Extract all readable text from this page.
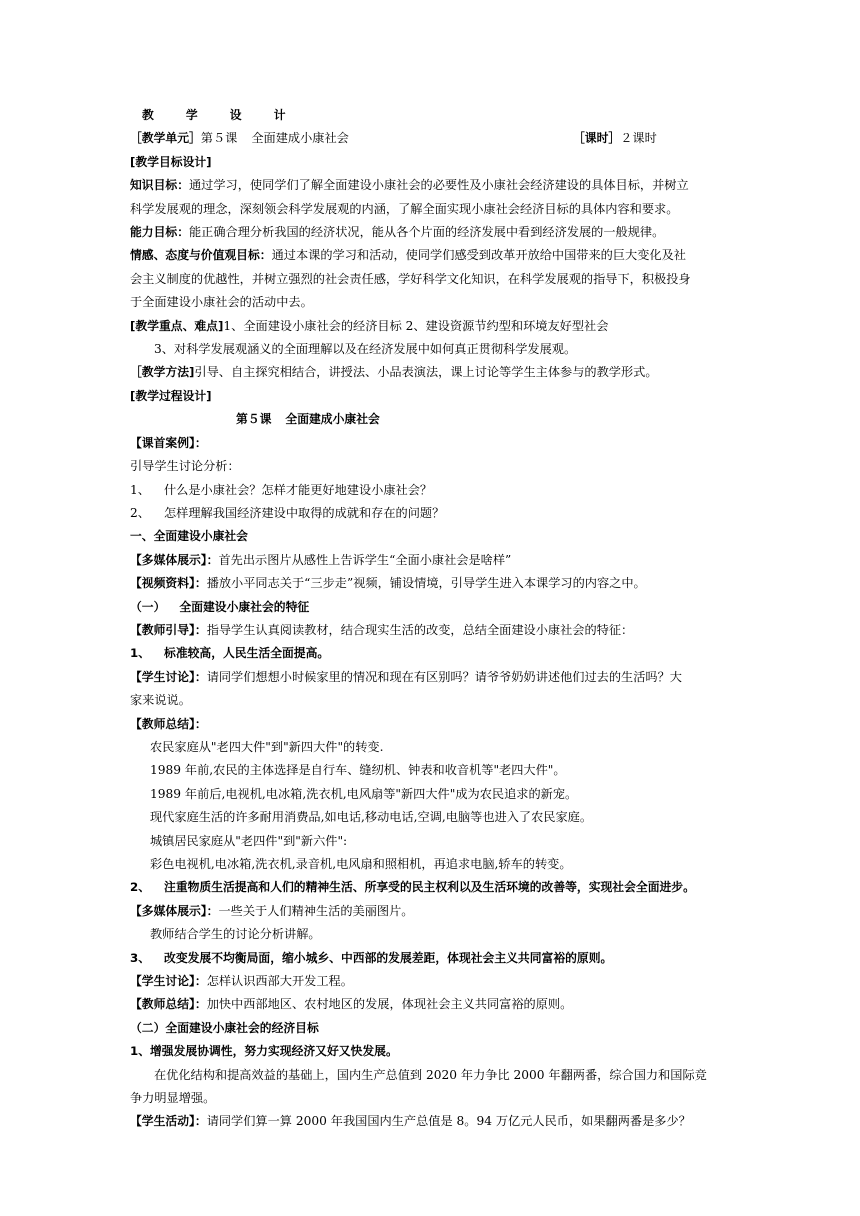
教 学 设 计
［教学单元］第５课 全面建成小康社会	［课时］２课时
[教学目标设计]
知识目标：通过学习，使同学们了解全面建设小康社会的必要性及小康社会经济建设的具体目标，并树立
科学发展观的理念，深刻领会科学发展观的内涵，了解全面实现小康社会经济目标的具体内容和要求。
能力目标：能正确合理分析我国的经济状况，能从各个片面的经济发展中看到经济发展的一般规律。
情感、态度与价值观目标：通过本课的学习和活动，使同学们感受到改革开放给中国带来的巨大变化及社
会主义制度的优越性，并树立强烈的社会责任感，学好科学文化知识，在科学发展观的指导下，积极投身
于全面建设小康社会的活动中去。
[教学重点、难点]1、全面建设小康社会的经济目标 2、建设资源节约型和环境友好型社会
3、对科学发展观涵义的全面理解以及在经济发展中如何真正贯彻科学发展观。
［教学方法]引导、自主探究相结合，讲授法、小品表演法，课上讨论等学生主体参与的教学形式。
[教学过程设计]
第５课 全面建成小康社会
【课首案例】：
引导学生讨论分析：
1、 什么是小康社会？怎样才能更好地建设小康社会？
2、 怎样理解我国经济建设中取得的成就和存在的问题？
一、全面建设小康社会
【多媒体展示】：首先出示图片从感性上告诉学生“全面小康社会是啥样”
【视频资料】：播放小平同志关于“三步走”视频，铺设情境，引导学生进入本课学习的内容之中。
（一） 全面建设小康社会的特征
【教师引导】：指导学生认真阅读教材，结合现实生活的改变，总结全面建设小康社会的特征：
1、 标准较高，人民生活全面提高。
【学生讨论】：请同学们想想小时候家里的情况和现在有区别吗？请爷爷奶奶讲述他们过去的生活吗？大
家来说说。
【教师总结】：
农民家庭从"老四大件"到"新四大件"的转变.
1989 年前,农民的主体选择是自行车、缝纫机、钟表和收音机等"老四大件"。
1989 年前后,电视机,电冰箱,洗衣机,电风扇等"新四大件"成为农民追求的新宠。
现代家庭生活的许多耐用消费品,如电话,移动电话,空调,电脑等也进入了农民家庭。
城镇居民家庭从"老四件"到"新六件":
彩色电视机,电冰箱,洗衣机,录音机,电风扇和照相机，再追求电脑,轿车的转变。
2、 注重物质生活提高和人们的精神生活、所享受的民主权利以及生活环境的改善等，实现社会全面进步。
【多媒体展示】：一些关于人们精神生活的美丽图片。
教师结合学生的讨论分析讲解。
3、 改变发展不均衡局面，缩小城乡、中西部的发展差距，体现社会主义共同富裕的原则。
【学生讨论】：怎样认识西部大开发工程。
【教师总结】：加快中西部地区、农村地区的发展，体现社会主义共同富裕的原则。
（二）全面建设小康社会的经济目标
1、增强发展协调性，努力实现经济又好又快发展。
在优化结构和提高效益的基础上，国内生产总值到 2020 年力争比 2000 年翻两番，综合国力和国际竞
争力明显增强。
【学生活动】：请同学们算一算 2000 年我国国内生产总值是 8。94 万亿元人民币，如果翻两番是多少？
